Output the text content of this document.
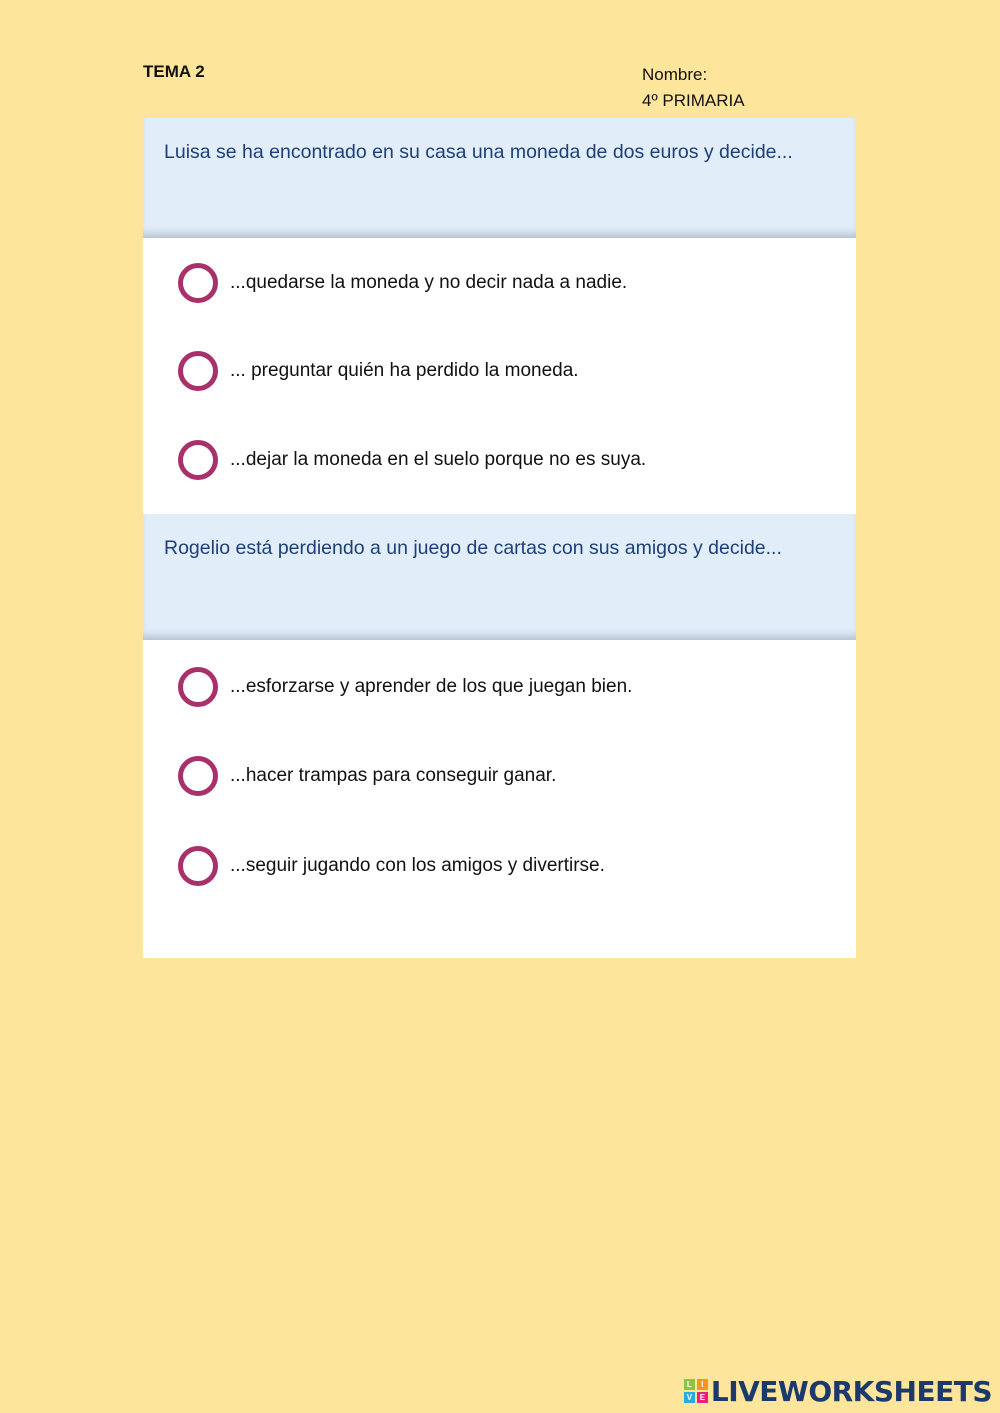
TEMA 2	Nombre:
4º PRIMARIA
Luisa se ha encontrado en su casa una moneda de dos euros y decide...
...quedarse la moneda y no decir nada a nadie.
... preguntar quién ha perdido la moneda.
...dejar la moneda en el suelo porque no es suya.
Rogelio está perdiendo a un juego de cartas con sus amigos y decide...
...esforzarse y aprender de los que juegan bien.
...hacer trampas para conseguir ganar.
...seguir jugando con los amigos y divertirse.
L	I
V E LIVEWORKSHEETS
